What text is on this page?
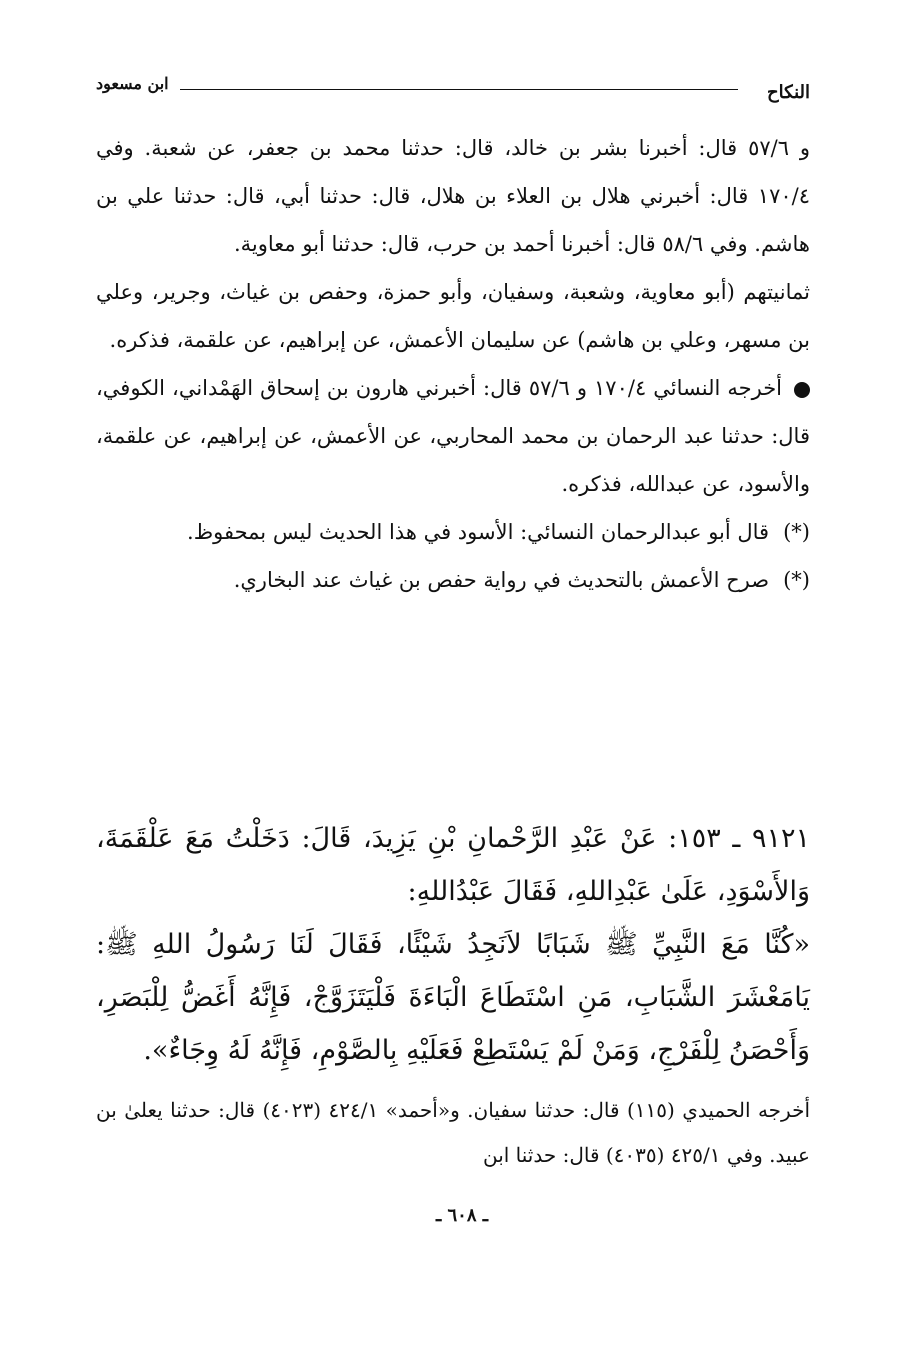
النكاح
ابن مسعود

و ٥٧/٦ قال: أخبرنا بشر بن خالد، قال: حدثنا محمد بن جعفر، عن شعبة. وفي ١٧٠/٤ قال: أخبرني هلال بن العلاء بن هلال، قال: حدثنا أبي، قال: حدثنا علي بن هاشم. وفي ٥٨/٦ قال: أخبرنا أحمد بن حرب، قال: حدثنا أبو معاوية.

ثمانيتهم (أبو معاوية، وشعبة، وسفيان، وأبو حمزة، وحفص بن غياث، وجرير، وعلي بن مسهر، وعلي بن هاشم) عن سليمان الأعمش، عن إبراهيم، عن علقمة، فذكره.

أخرجه النسائي ١٧٠/٤ و ٥٧/٦ قال: أخبرني هارون بن إسحاق الهَمْداني، الكوفي، قال: حدثنا عبد الرحمان بن محمد المحاربي، عن الأعمش، عن إبراهيم، عن علقمة، والأسود، عن عبدالله، فذكره.

(*)قال أبو عبدالرحمان النسائي: الأسود في هذا الحديث ليس بمحفوظ.

(*)صرح الأعمش بالتحديث في رواية حفص بن غياث عند البخاري.

٩١٢١ ـ ١٥٣: عَنْ عَبْدِ الرَّحْمانِ بْنِ يَزِيدَ، قَالَ: دَخَلْتُ مَعَ عَلْقَمَةَ، وَالأَسْوَدِ، عَلَىٰ عَبْدِاللهِ، فَقَالَ عَبْدُاللهِ:

«كُنَّا مَعَ النَّبِيِّ ﷺ شَبَابًا لاَنَجِدُ شَيْئًا، فَقَالَ لَنَا رَسُولُ اللهِ ﷺ: يَامَعْشَرَ الشَّبَابِ، مَنِ اسْتَطَاعَ الْبَاءَةَ فَلْيَتَزَوَّجْ، فَإِنَّهُ أَغَضُّ لِلْبَصَرِ، وَأَحْصَنُ لِلْفَرْجِ، وَمَنْ لَمْ يَسْتَطِعْ فَعَلَيْهِ بِالصَّوْمِ، فَإِنَّهُ لَهُ وِجَاءٌ».

أخرجه الحميدي (١١٥) قال: حدثنا سفيان. و«أحمد» ٤٢٤/١ (٤٠٢٣) قال: حدثنا يعلىٰ بن عبيد. وفي ٤٢٥/١ (٤٠٣٥) قال: حدثنا ابن

ـ ٦٠٨ ـ
